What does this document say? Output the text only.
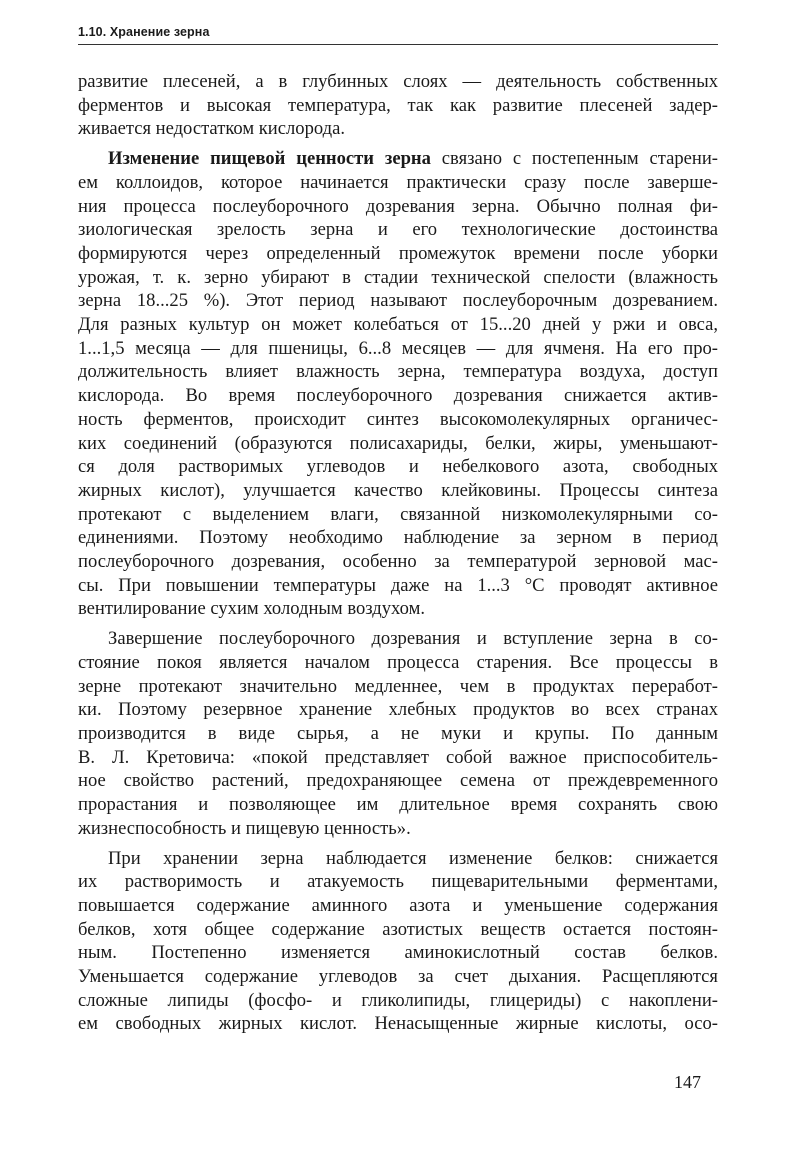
1.10. Хранение зерна

развитие плесеней, а в глубинных слоях — деятельность собственных
ферментов и высокая температура, так как развитие плесеней задер-
живается недостатком кислорода.

Изменение пищевой ценности зерна связано с постепенным старени-
ем коллоидов, которое начинается практически сразу после заверше-
ния процесса послеуборочного дозревания зерна. Обычно полная фи-
зиологическая зрелость зерна и его технологические достоинства
формируются через определенный промежуток времени после уборки
урожая, т. к. зерно убирают в стадии технической спелости (влажность
зерна 18...25 %). Этот период называют послеуборочным дозреванием.
Для разных культур он может колебаться от 15...20 дней у ржи и овса,
1...1,5 месяца — для пшеницы, 6...8 месяцев — для ячменя. На его про-
должительность влияет влажность зерна, температура воздуха, доступ
кислорода. Во время послеуборочного дозревания снижается актив-
ность ферментов, происходит синтез высокомолекулярных органичес-
ких соединений (образуются полисахариды, белки, жиры, уменьшают-
ся доля растворимых углеводов и небелкового азота, свободных
жирных кислот), улучшается качество клейковины. Процессы синтеза
протекают с выделением влаги, связанной низкомолекулярными со-
единениями. Поэтому необходимо наблюдение за зерном в период
послеуборочного дозревания, особенно за температурой зерновой мас-
сы. При повышении температуры даже на 1...3 °С проводят активное
вентилирование сухим холодным воздухом.

Завершение послеуборочного дозревания и вступление зерна в со-
стояние покоя является началом процесса старения. Все процессы в
зерне протекают значительно медленнее, чем в продуктах переработ-
ки. Поэтому резервное хранение хлебных продуктов во всех странах
производится в виде сырья, а не муки и крупы. По данным
В. Л. Кретовича: «покой представляет собой важное приспособитель-
ное свойство растений, предохраняющее семена от преждевременного
прорастания и позволяющее им длительное время сохранять свою
жизнеспособность и пищевую ценность».

При хранении зерна наблюдается изменение белков: снижается
их растворимость и атакуемость пищеварительными ферментами,
повышается содержание аминного азота и уменьшение содержания
белков, хотя общее содержание азотистых веществ остается постоян-
ным. Постепенно изменяется аминокислотный состав белков.
Уменьшается содержание углеводов за счет дыхания. Расщепляются
сложные липиды (фосфо- и гликолипиды, глицериды) с накоплени-
ем свободных жирных кислот. Ненасыщенные жирные кислоты, осо-

147
